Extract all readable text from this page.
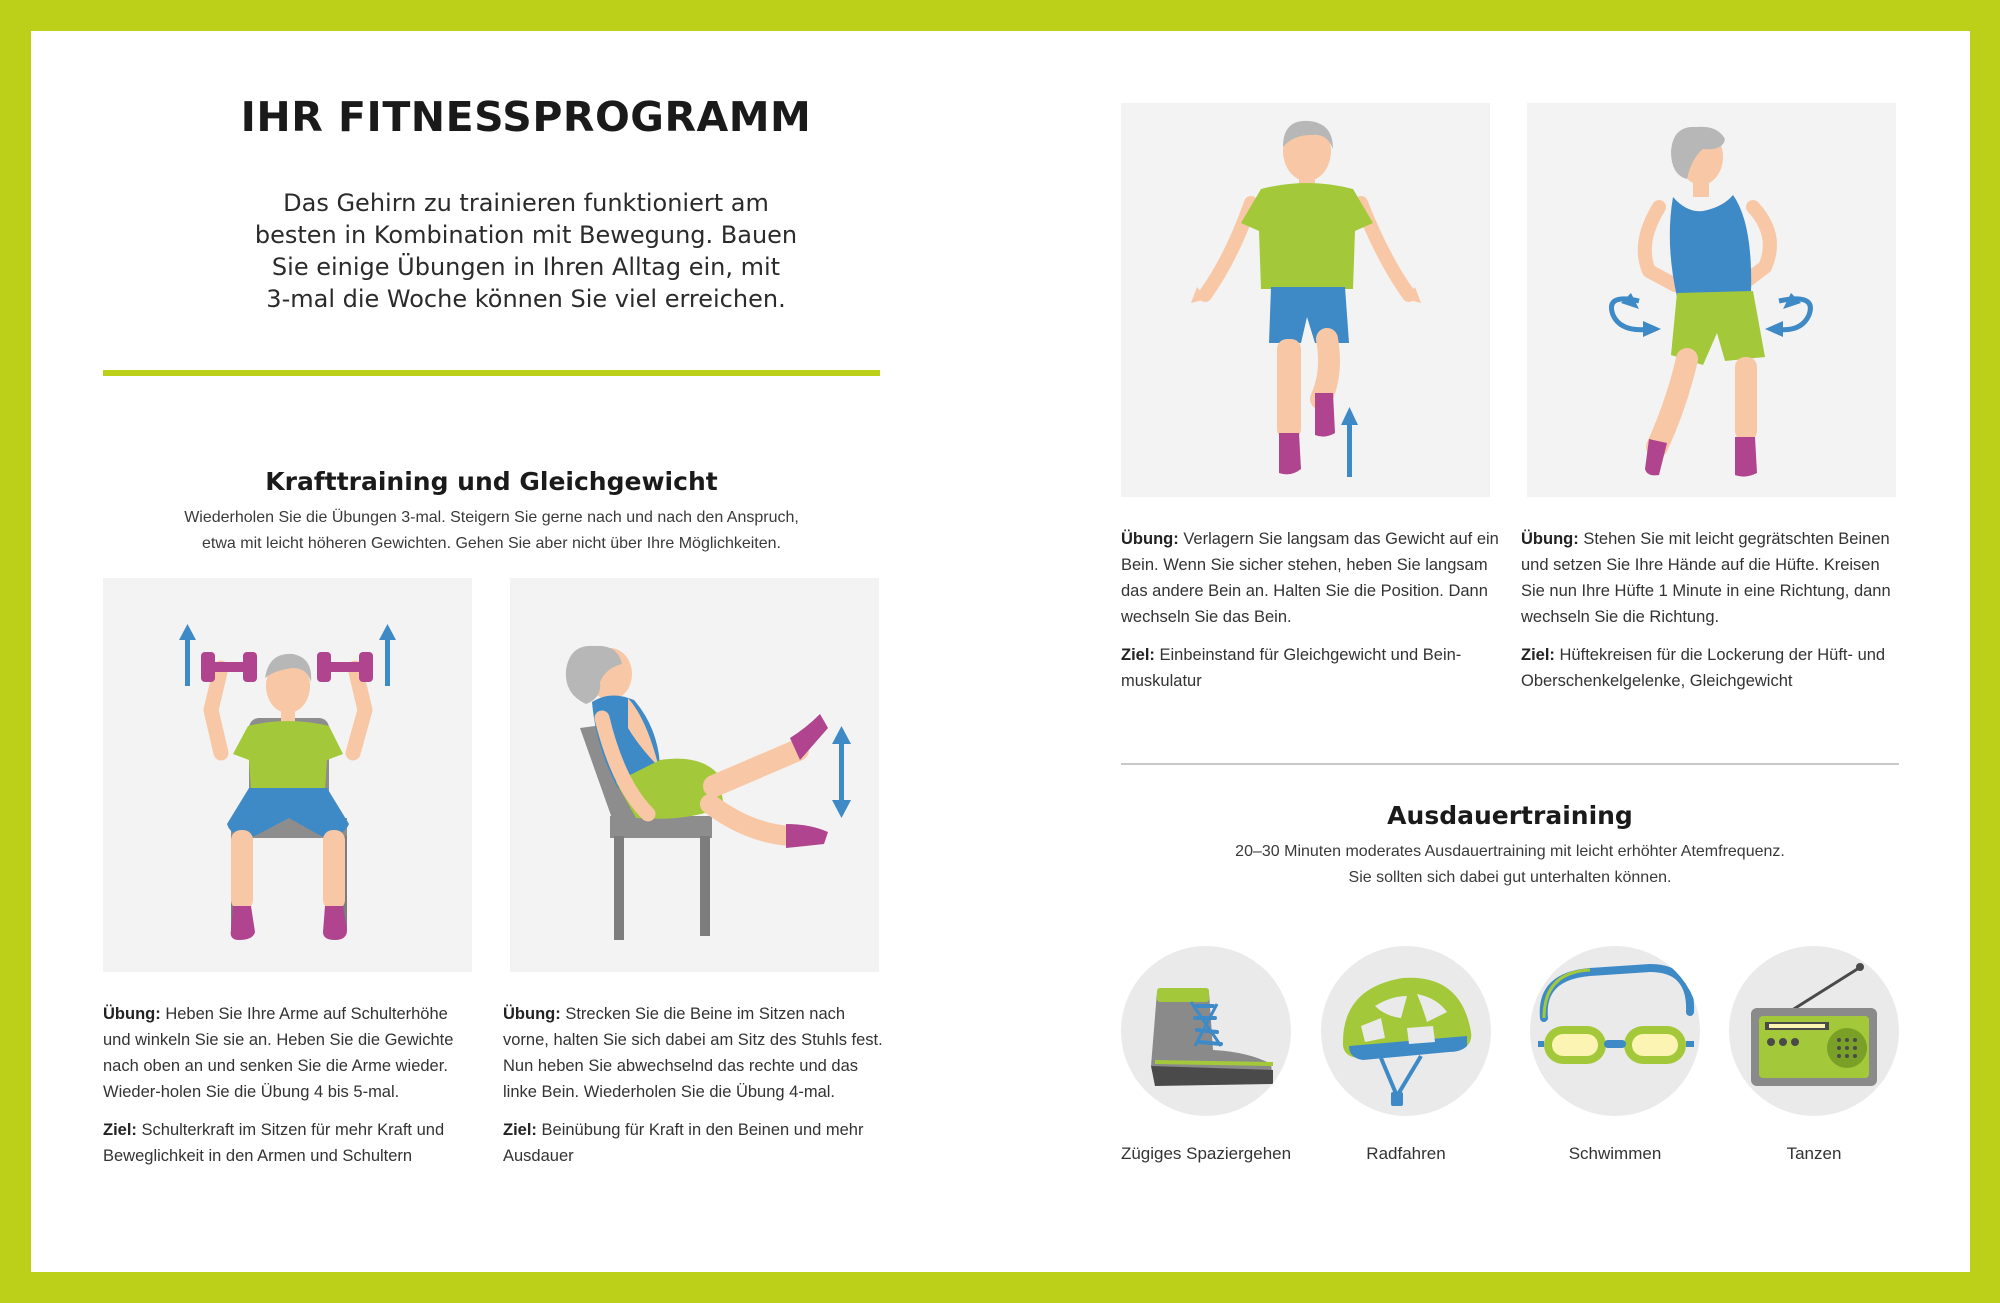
IHR FITNESSPROGRAMM
Das Gehirn zu trainieren funktioniert am
besten in Kombination mit Bewegung. Bauen
Sie einige Übungen in Ihren Alltag ein, mit
3-mal die Woche können Sie viel erreichen.
Krafttraining und Gleichgewicht
Wiederholen Sie die Übungen 3-mal. Steigern Sie gerne nach und nach den Anspruch,
etwa mit leicht höheren Gewichten. Gehen Sie aber nicht über Ihre Möglichkeiten.

Übung: Heben Sie Ihre Arme auf Schulterhöhe und winkeln Sie sie an. Heben Sie die Gewichte nach oben an und senken Sie die Arme wieder. Wieder-holen Sie die Übung 4 bis 5-mal.

Ziel: Schulterkraft im Sitzen für mehr Kraft und Beweglichkeit in den Armen und Schultern

Übung: Strecken Sie die Beine im Sitzen nach vorne, halten Sie sich dabei am Sitz des Stuhls fest. Nun heben Sie abwechselnd das rechte und das linke Bein. Wiederholen Sie die Übung 4-mal.

Ziel: Beinübung für Kraft in den Beinen und mehr Ausdauer

Übung: Verlagern Sie langsam das Gewicht auf ein Bein. Wenn Sie sicher stehen, heben Sie langsam das andere Bein an. Halten Sie die Position. Dann wechseln Sie das Bein.

Ziel: Einbeinstand für Gleichgewicht und Bein-muskulatur

Übung: Stehen Sie mit leicht gegrätschten Beinen und setzen Sie Ihre Hände auf die Hüfte. Kreisen Sie nun Ihre Hüfte 1 Minute in eine Richtung, dann wechseln Sie die Richtung.

Ziel: Hüftekreisen für die Lockerung der Hüft- und Oberschenkelgelenke, Gleichgewicht

Ausdauertraining
20–30 Minuten moderates Ausdauertraining mit leicht erhöhter Atemfrequenz.
Sie sollten sich dabei gut unterhalten können.
Zügiges Spaziergehen	Radfahren	Schwimmen	Tanzen
